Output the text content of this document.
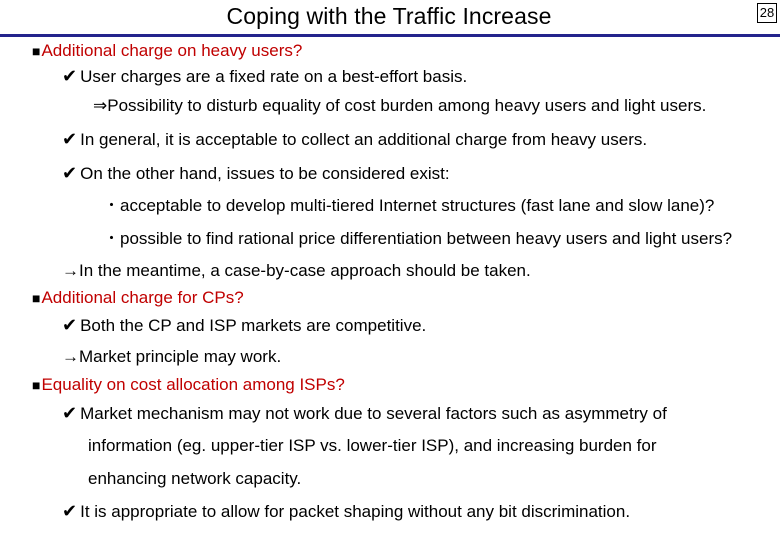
Coping with the Traffic Increase	28
■Additional charge on heavy users?
✔ User charges are a fixed rate on a best-effort basis.
⇒Possibility to disturb equality of cost burden among heavy users and light users.
✔ In general, it is acceptable to collect an additional charge from heavy users.
✔ On the other hand, issues to be considered exist:
・acceptable to develop multi-tiered Internet structures (fast lane and slow lane)?
・possible to find rational price differentiation between heavy users and light users?
→In the meantime, a case-by-case approach should be taken.
■Additional charge for CPs?
✔ Both the CP and ISP markets are competitive.
→Market principle may work.
■Equality on cost allocation among ISPs?
✔ Market mechanism may not work due to several factors such as asymmetry of
information (eg. upper-tier ISP vs. lower-tier ISP), and increasing burden for
enhancing network capacity.
✔ It is appropriate to allow for packet shaping without any bit discrimination.
